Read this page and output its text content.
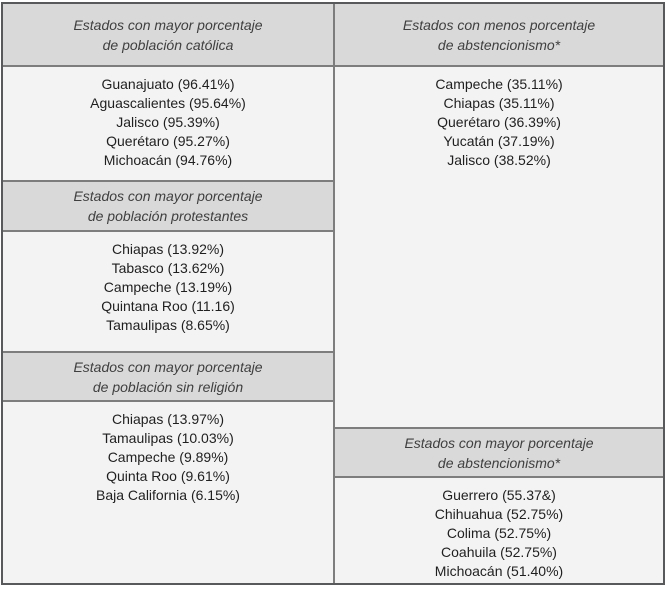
Estados con mayor porcentaje
de población católica
Guanajuato (96.41%)
Aguascalientes (95.64%)
Jalisco (95.39%)
Querétaro (95.27%)
Michoacán (94.76%)
Estados con mayor porcentaje
de población protestantes
Chiapas (13.92%)
Tabasco (13.62%)
Campeche (13.19%)
Quintana Roo (11.16)
Tamaulipas (8.65%)
Estados con mayor porcentaje
de población sin religión
Chiapas (13.97%)
Tamaulipas (10.03%)
Campeche (9.89%)
Quinta Roo (9.61%)
Baja California (6.15%)
Estados con menos porcentaje
de abstencionismo*
Campeche (35.11%)
Chiapas (35.11%)
Querétaro (36.39%)
Yucatán (37.19%)
Jalisco (38.52%)
Estados con mayor porcentaje
de abstencionismo*
Guerrero (55.37&)
Chihuahua (52.75%)
Colima (52.75%)
Coahuila (52.75%)
Michoacán (51.40%)
